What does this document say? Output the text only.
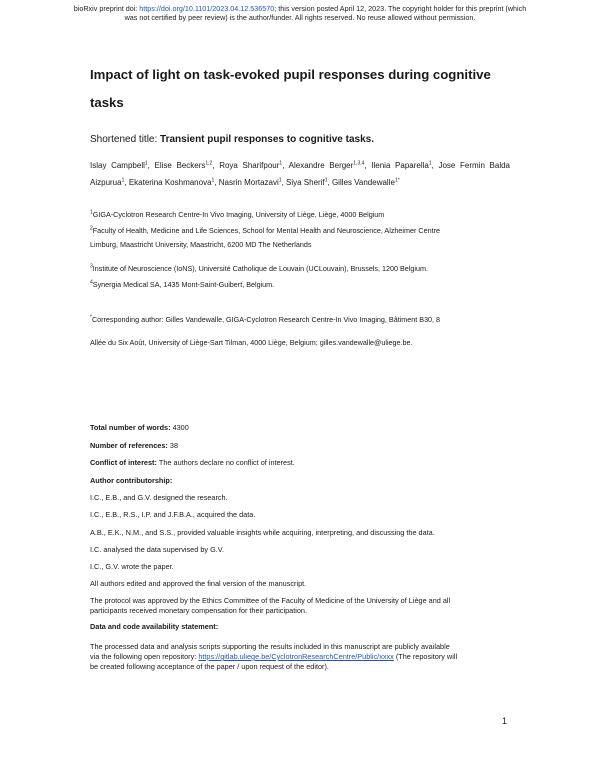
bioRxiv preprint doi: https://doi.org/10.1101/2023.04.12.536570; this version posted April 12, 2023. The copyright holder for this preprint (which
was not certified by peer review) is the author/funder. All rights reserved. No reuse allowed without permission.
Impact of light on task-evoked pupil responses during cognitive
tasks
Shortened title: Transient pupil responses to cognitive tasks.
Islay Campbell$^1$, Elise Beckers$^{1,2}$, Roya Sharifpour$^1$, Alexandre Berger$^{1,3,4}$, Ilenia Paparella$^1$, Jose Fermin Balda Aizpurua$^1$, Ekaterina Koshmanova$^1$, Nasrin Mortazavi$^1$, Siya Sherif$^1$, Gilles Vandewalle$^{1*}$
$^1$GIGA-Cyclotron Research Centre-In Vivo Imaging, University of Liège, Liège, 4000 Belgium
$^2$Faculty of Health, Medicine and Life Sciences, School for Mental Health and Neuroscience, Alzheimer Centre
Limburg, Maastricht University, Maastricht, 6200 MD The Netherlands
$^3$Institute of Neuroscience (IoNS), Université Catholique de Louvain (UCLouvain), Brussels, 1200 Belgium.
$^4$Synergia Medical SA, 1435 Mont-Saint-Guibert, Belgium.
*Corresponding author: Gilles Vandewalle, GIGA-Cyclotron Research Centre-In Vivo Imaging, Bâtiment B30, 8
Allée du Six Août, University of Liège-Sart Tilman, 4000 Liège, Belgium; gilles.vandewalle@uliege.be.
Total number of words: 4300
Number of references: 38
Conflict of interest: The authors declare no conflict of interest.
Author contributorship:
I.C., E.B., and G.V. designed the research.
I.C., E.B., R.S., I.P. and J.F.B.A., acquired the data.
A.B., E.K., N.M., and S.S., provided valuable insights while acquiring, interpreting, and discussing the data.
I.C. analysed the data supervised by G.V.
I.C., G.V. wrote the paper.
All authors edited and approved the final version of the manuscript.
The protocol was approved by the Ethics Committee of the Faculty of Medicine of the University of Liège and all
participants received monetary compensation for their participation.
Data and code availability statement:
The processed data and analysis scripts supporting the results included in this manuscript are publicly available
via the following open repository: https://gitlab.uliege.be/CyclotronResearchCentre/Public/xxxx (The repository will
be created following acceptance of the paper / upon request of the editor).
1
